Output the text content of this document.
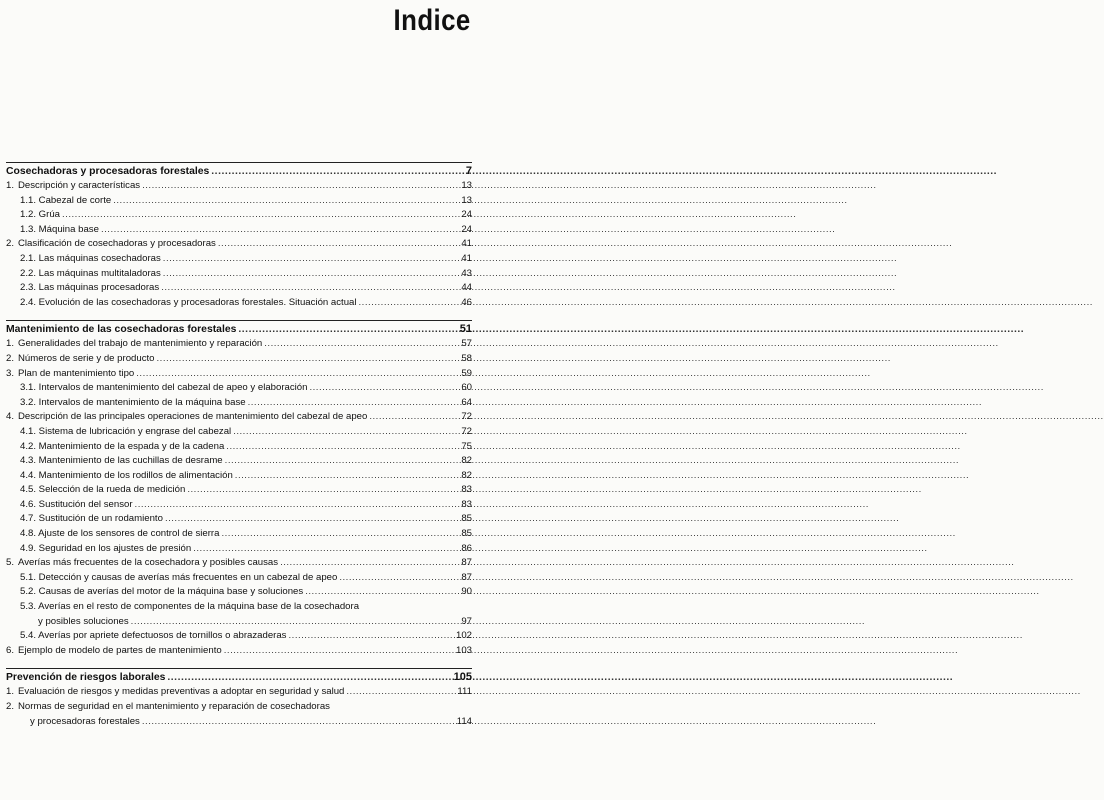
Indice
Cosechadoras y procesadoras forestales .....	7
1. Descripción y características .....	13
1.1. Cabezal de corte .....	13
1.2. Grúa .....	24
1.3. Máquina base .....	24
2. Clasificación de cosechadoras y procesadoras .....	41
2.1. Las máquinas cosechadoras .....	41
2.2. Las máquinas multitaladoras .....	43
2.3. Las máquinas procesadoras .....	44
2.4. Evolución de las cosechadoras y procesadoras forestales. Situación actual .....	46
Mantenimiento de las cosechadoras forestales .....	51
1. Generalidades del trabajo de mantenimiento y reparación .....	57
2. Números de serie y de producto .....	58
3. Plan de mantenimiento tipo .....	59
3.1. Intervalos de mantenimiento del cabezal de apeo y elaboración .....	60
3.2. Intervalos de mantenimiento de la máquina base .....	64
4. Descripción de las principales operaciones de mantenimiento del cabezal de apeo .....	72
4.1. Sistema de lubricación y engrase del cabezal .....	72
4.2. Mantenimiento de la espada y de la cadena .....	75
4.3. Mantenimiento de las cuchillas de desrame .....	82
4.4. Mantenimiento de los rodillos de alimentación .....	82
4.5. Selección de la rueda de medición .....	83
4.6. Sustitución del sensor .....	83
4.7. Sustitución de un rodamiento .....	85
4.8. Ajuste de los sensores de control de sierra .....	85
4.9. Seguridad en los ajustes de presión .....	86
5. Averías más frecuentes de la cosechadora y posibles causas .....	87
5.1. Detección y causas de averías más frecuentes en un cabezal de apeo .....	87
5.2. Causas de averías del motor de la máquina base y soluciones .....	90
5.3. Averías en el resto de componentes de la máquina base de la cosechadora
y posibles soluciones .....	97
5.4. Averías por apriete defectuosos de tornillos o abrazaderas .....	102
6. Ejemplo de modelo de partes de mantenimiento .....	103
Prevención de riesgos laborales .....	105
1. Evaluación de riesgos y medidas preventivas a adoptar en seguridad y salud .....	111
2. Normas de seguridad en el mantenimiento y reparación de cosechadoras
y procesadoras forestales .....	114
